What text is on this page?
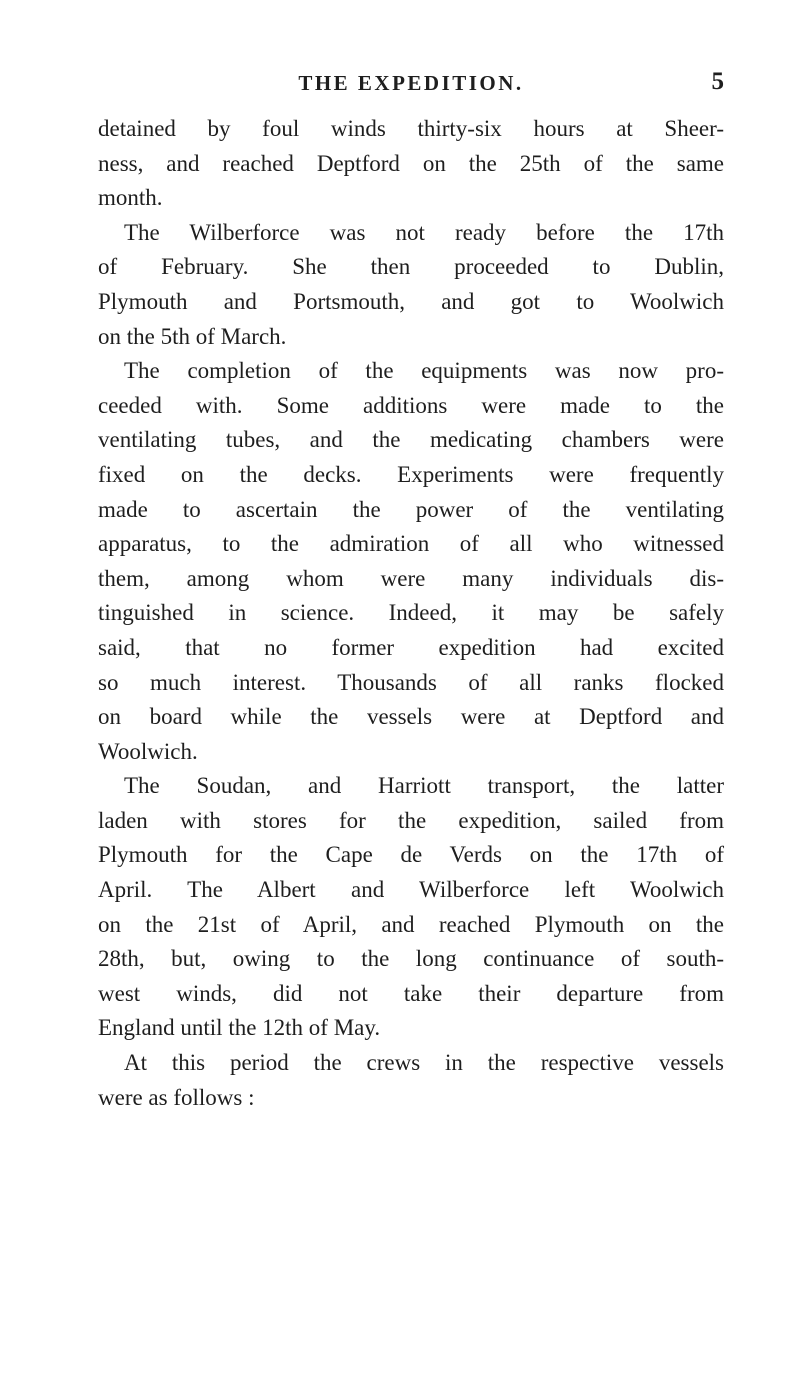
THE EXPEDITION.	5
detained by foul winds thirty-six hours at Sheer-
ness, and reached Deptford on the 25th of the same
month.
The Wilberforce was not ready before the 17th
of February. She then proceeded to Dublin,
Plymouth and Portsmouth, and got to Woolwich
on the 5th of March.
The completion of the equipments was now pro-
ceeded with. Some additions were made to the
ventilating tubes, and the medicating chambers were
fixed on the decks. Experiments were frequently
made to ascertain the power of the ventilating
apparatus, to the admiration of all who witnessed
them, among whom were many individuals dis-
tinguished in science. Indeed, it may be safely
said, that no former expedition had excited
so much interest. Thousands of all ranks flocked
on board while the vessels were at Deptford and
Woolwich.
The Soudan, and Harriott transport, the latter
laden with stores for the expedition, sailed from
Plymouth for the Cape de Verds on the 17th of
April. The Albert and Wilberforce left Woolwich
on the 21st of April, and reached Plymouth on the
28th, but, owing to the long continuance of south-
west winds, did not take their departure from
England until the 12th of May.
At this period the crews in the respective vessels
were as follows :
